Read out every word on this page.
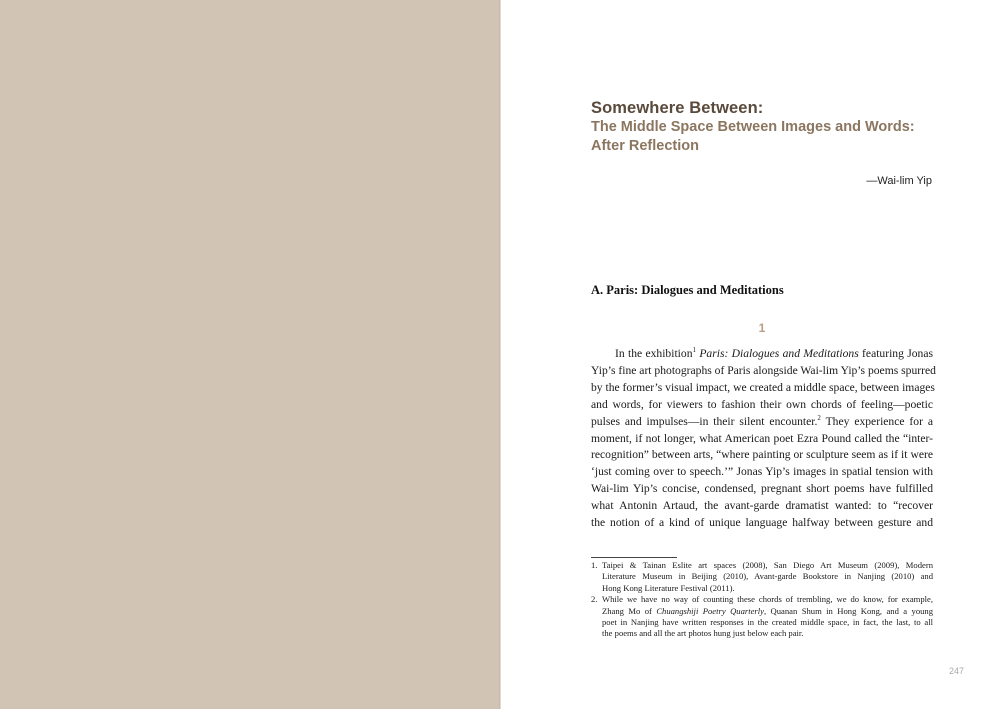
Somewhere Between:
The Middle Space Between Images and Words:
After Reflection
—Wai-lim Yip
A. Paris: Dialogues and Meditations
1
In the exhibition$^1$ Paris: Dialogues and Meditations featuring Jonas
Yip’s fine art photographs of Paris alongside Wai-lim Yip’s poems spurred
by the former’s visual impact, we created a middle space, between images
and words, for viewers to fashion their own chords of feeling—poetic
pulses and impulses—in their silent encounter.$^2$ They experience for a
moment, if not longer, what American poet Ezra Pound called the “inter-
recognition” between arts, “where painting or sculpture seem as if it were
‘just coming over to speech.’” Jonas Yip’s images in spatial tension with
Wai-lim Yip’s concise, condensed, pregnant short poems have fulfilled
what Antonin Artaud, the avant-garde dramatist wanted: to “recover
the notion of a kind of unique language halfway between gesture and
1. Taipei & Tainan Eslite art spaces (2008), San Diego Art Museum (2009), Modern
Literature Museum in Beijing (2010), Avant-garde Bookstore in Nanjing (2010) and
Hong Kong Literature Festival (2011).
2. While we have no way of counting these chords of trembling, we do know, for example,
Zhang Mo of Chuangshiji Poetry Quarterly, Quanan Shum in Hong Kong, and a young
poet in Nanjing have written responses in the created middle space, in fact, the last, to all
the poems and all the art photos hung just below each pair.
247
